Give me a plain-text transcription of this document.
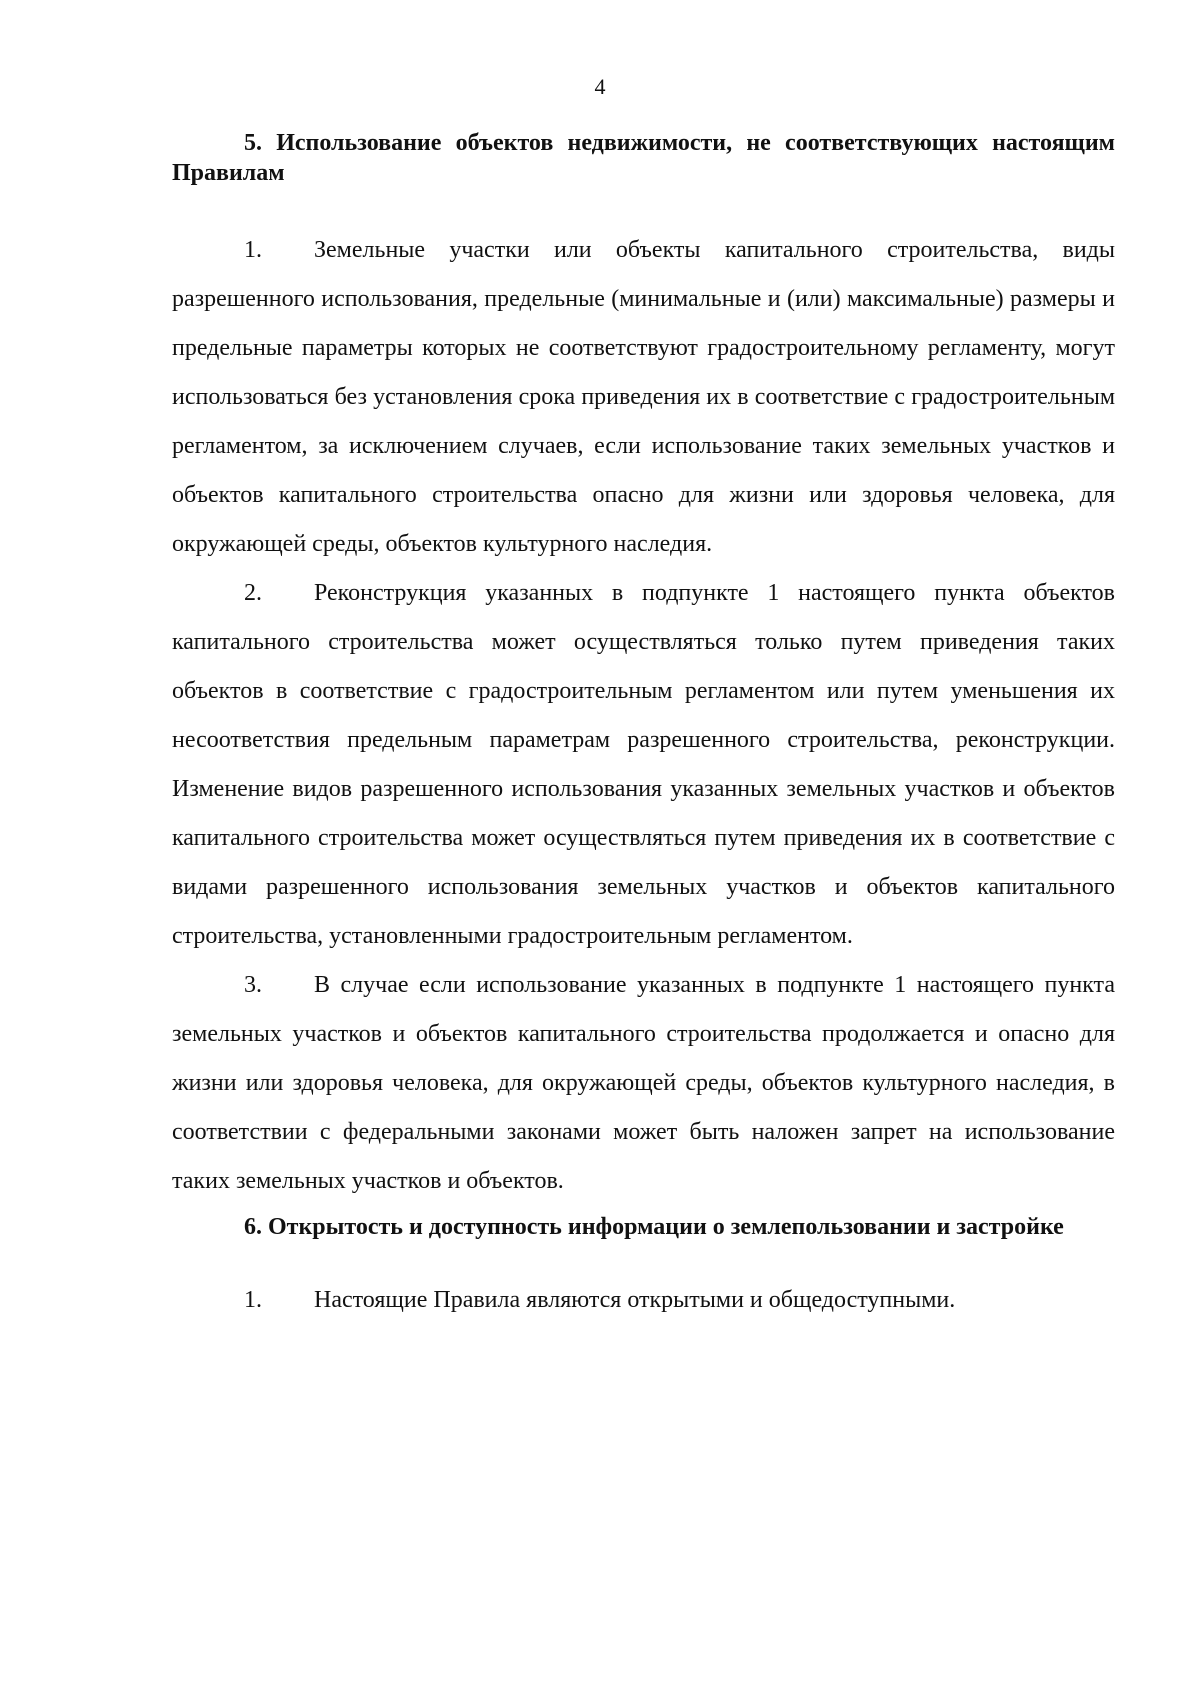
4
5. Использование объектов недвижимости, не соответствующих настоящим Правилам

1. Земельные участки или объекты капитального строительства, виды разрешенного использования, предельные (минимальные и (или) максимальные) размеры и предельные параметры которых не соответствуют градостроительному регламенту, могут использоваться без установления срока приведения их в соответствие с градостроительным регламентом, за исключением случаев, если использование таких земельных участков и объектов капитального строительства опасно для жизни или здоровья человека, для окружающей среды, объектов культурного наследия.

2. Реконструкция указанных в подпункте 1 настоящего пункта объектов капитального строительства может осуществляться только путем приведения таких объектов в соответствие с градостроительным регламентом или путем уменьшения их несоответствия предельным параметрам разрешенного строительства, реконструкции. Изменение видов разрешенного использования указанных земельных участков и объектов капитального строительства может осуществляться путем приведения их в соответствие с видами разрешенного использования земельных участков и объектов капитального строительства, установленными градостроительным регламентом.

3. В случае если использование указанных в подпункте 1 настоящего пункта земельных участков и объектов капитального строительства продолжается и опасно для жизни или здоровья человека, для окружающей среды, объектов культурного наследия, в соответствии с федеральными законами может быть наложен запрет на использование таких земельных участков и объектов.

6. Открытость и доступность информации о землепользовании и застройке

1. Настоящие Правила являются открытыми и общедоступными.
